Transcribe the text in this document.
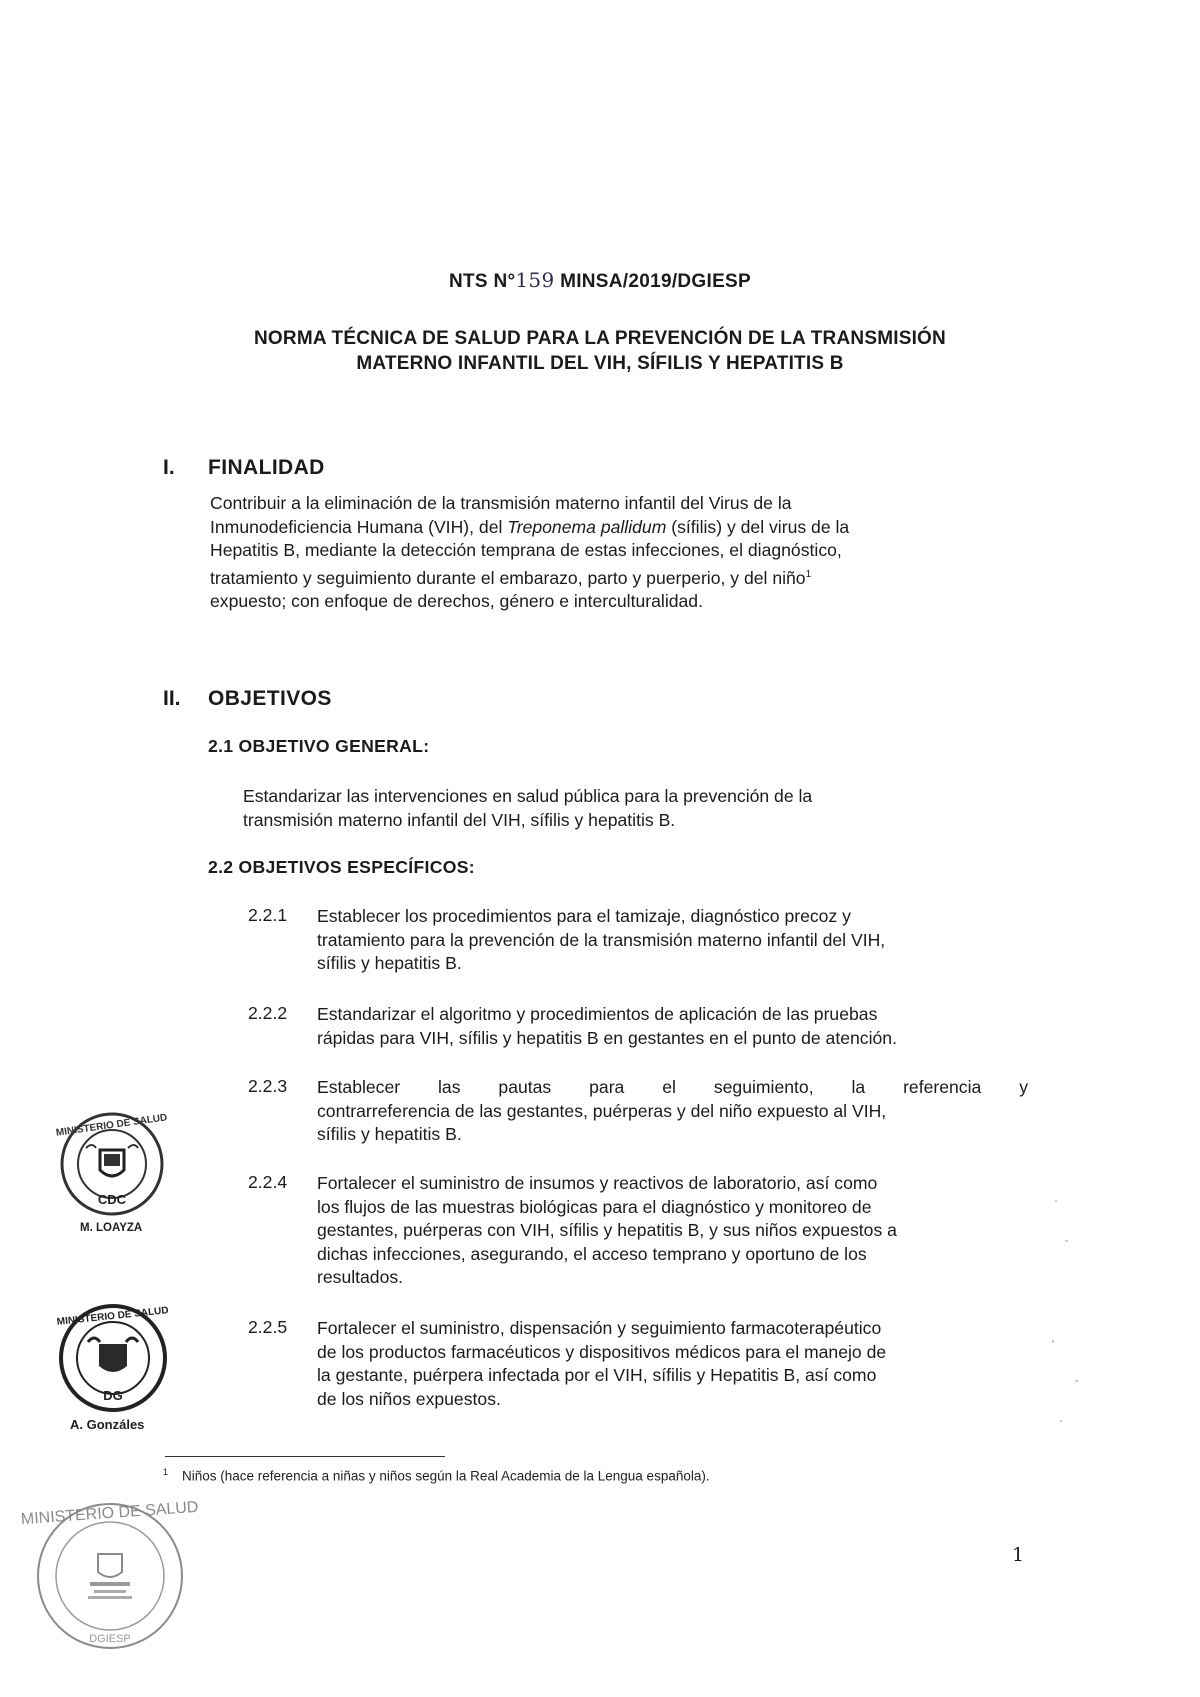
NTS N°159 MINSA/2019/DGIESP
NORMA TÉCNICA DE SALUD PARA LA PREVENCIÓN DE LA TRANSMISIÓN
MATERNO INFANTIL DEL VIH, SÍFILIS Y HEPATITIS B
I. FINALIDAD
Contribuir a la eliminación de la transmisión materno infantil del Virus de la
Inmunodeficiencia Humana (VIH), del Treponema pallidum (sífilis) y del virus de la
Hepatitis B, mediante la detección temprana de estas infecciones, el diagnóstico,
tratamiento y seguimiento durante el embarazo, parto y puerperio, y del niño$^1$
expuesto; con enfoque de derechos, género e interculturalidad.
II. OBJETIVOS
2.1 OBJETIVO GENERAL:
Estandarizar las intervenciones en salud pública para la prevención de la
transmisión materno infantil del VIH, sífilis y hepatitis B.
2.2 OBJETIVOS ESPECÍFICOS:
2.2.1 Establecer los procedimientos para el tamizaje, diagnóstico precoz y
tratamiento para la prevención de la transmisión materno infantil del VIH,
sífilis y hepatitis B.
2.2.2 Estandarizar el algoritmo y procedimientos de aplicación de las pruebas
rápidas para VIH, sífilis y hepatitis B en gestantes en el punto de atención.
2.2.3 Establecer las pautas para el seguimiento, la referencia y
contrarreferencia de las gestantes, puérperas y del niño expuesto al VIH,
sífilis y hepatitis B.
2.2.4 Fortalecer el suministro de insumos y reactivos de laboratorio, así como
los flujos de las muestras biológicas para el diagnóstico y monitoreo de
gestantes, puérperas con VIH, sífilis y hepatitis B, y sus niños expuestos a
dichas infecciones, asegurando, el acceso temprano y oportuno de los
resultados.
2.2.5 Fortalecer el suministro, dispensación y seguimiento farmacoterapéutico
de los productos farmacéuticos y dispositivos médicos para el manejo de
la gestante, puérpera infectada por el VIH, sífilis y Hepatitis B, así como
de los niños expuestos.
$^1$ Niños (hace referencia a niñas y niños según la Real Academia de la Lengua española).
1
MINISTERIO DE SALUD
CDC
M. LOAYZA
MINISTERIO DE SALUD
DG
A. Gonzáles
MINISTERIO DE SALUD
DGIESP
